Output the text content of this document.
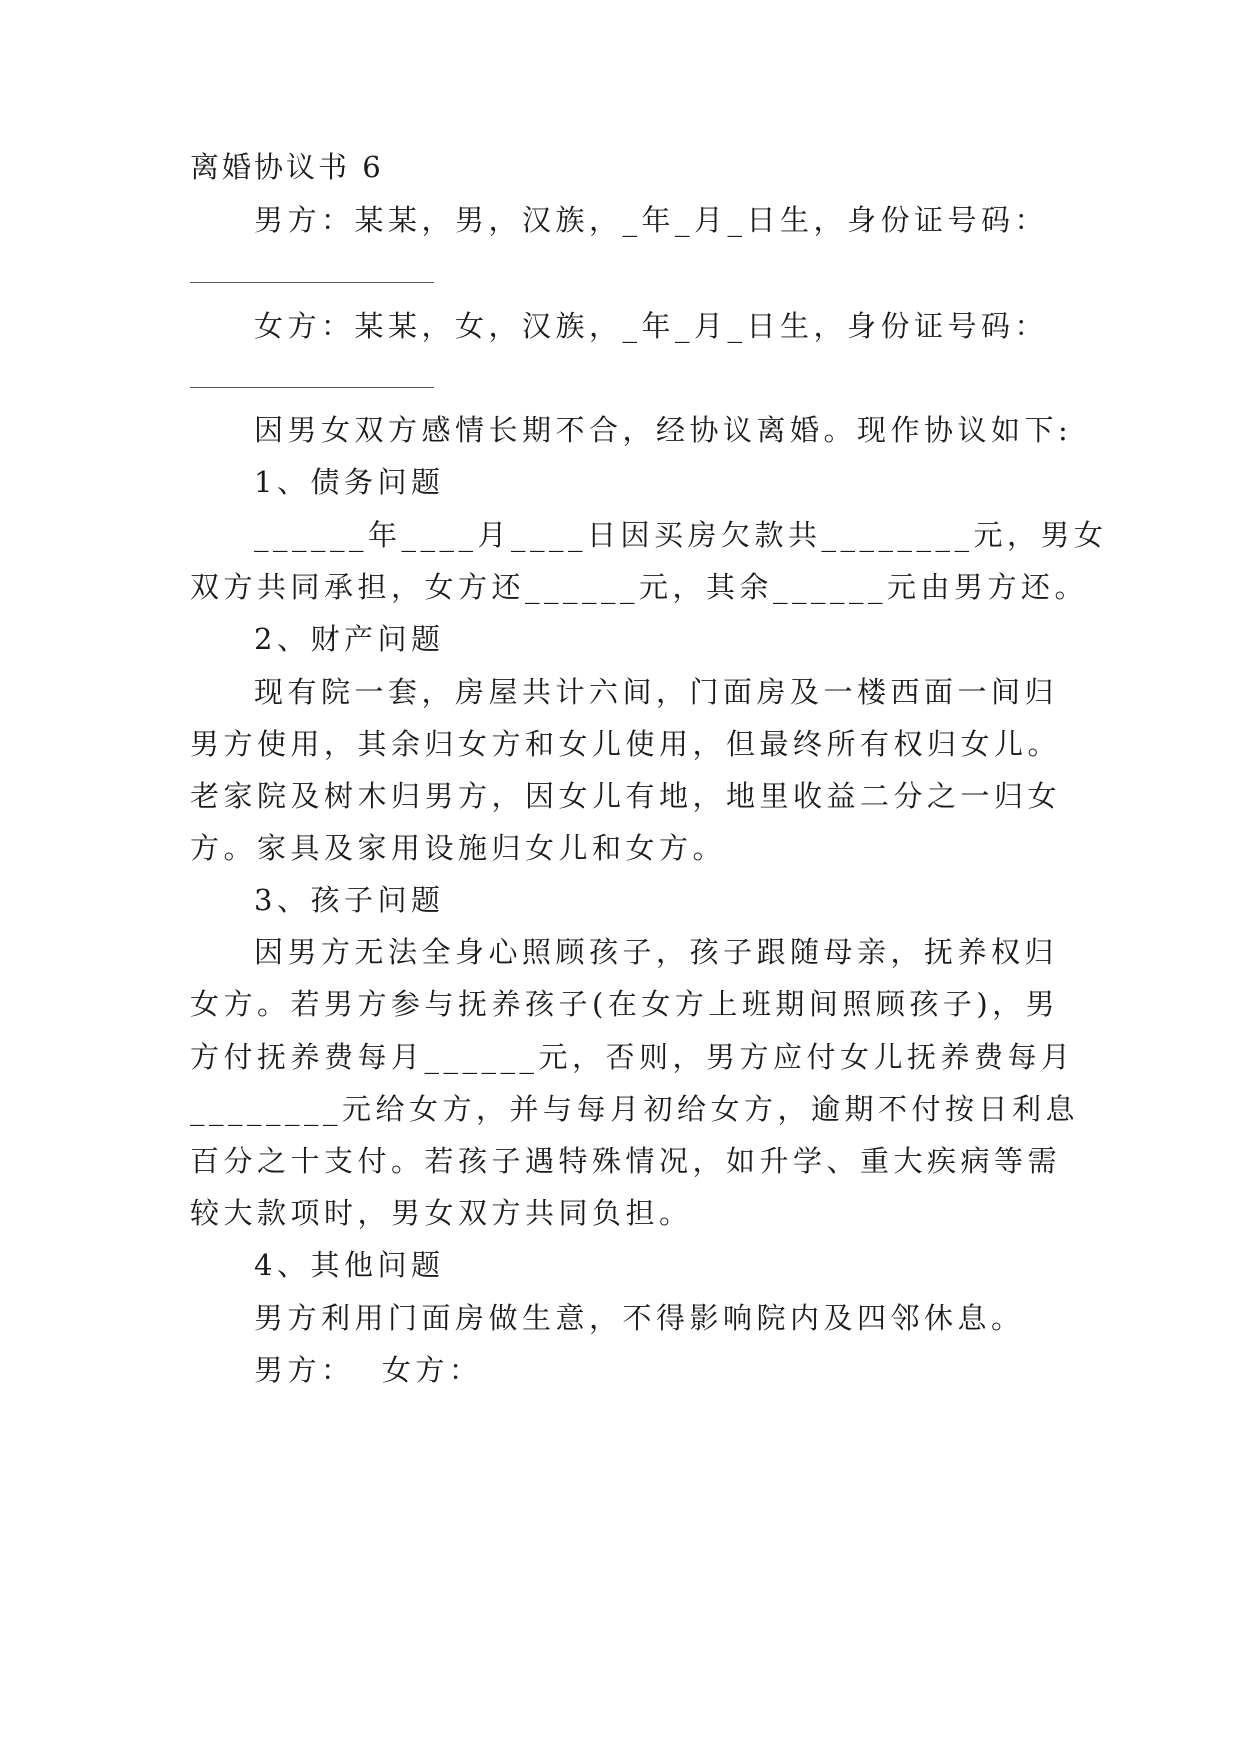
离婚协议书 6
男方：某某，男，汉族，_年_月_日生，身份证号码：
女方：某某，女，汉族，_年_月_日生，身份证号码：
因男女双方感情长期不合，经协议离婚。现作协议如下:
1、债务问题
______年____月____日因买房欠款共________元，男女
双方共同承担，女方还______元，其余______元由男方还。
2、财产问题
现有院一套，房屋共计六间，门面房及一楼西面一间归
男方使用，其余归女方和女儿使用，但最终所有权归女儿。
老家院及树木归男方，因女儿有地，地里收益二分之一归女
方。家具及家用设施归女儿和女方。
3、孩子问题
因男方无法全身心照顾孩子，孩子跟随母亲，抚养权归
女方。若男方参与抚养孩子(在女方上班期间照顾孩子)，男
方付抚养费每月______元，否则，男方应付女儿抚养费每月
________元给女方，并与每月初给女方，逾期不付按日利息
百分之十支付。若孩子遇特殊情况，如升学、重大疾病等需
较大款项时，男女双方共同负担。
4、其他问题
男方利用门面房做生意，不得影响院内及四邻休息。
男方：  女方：
